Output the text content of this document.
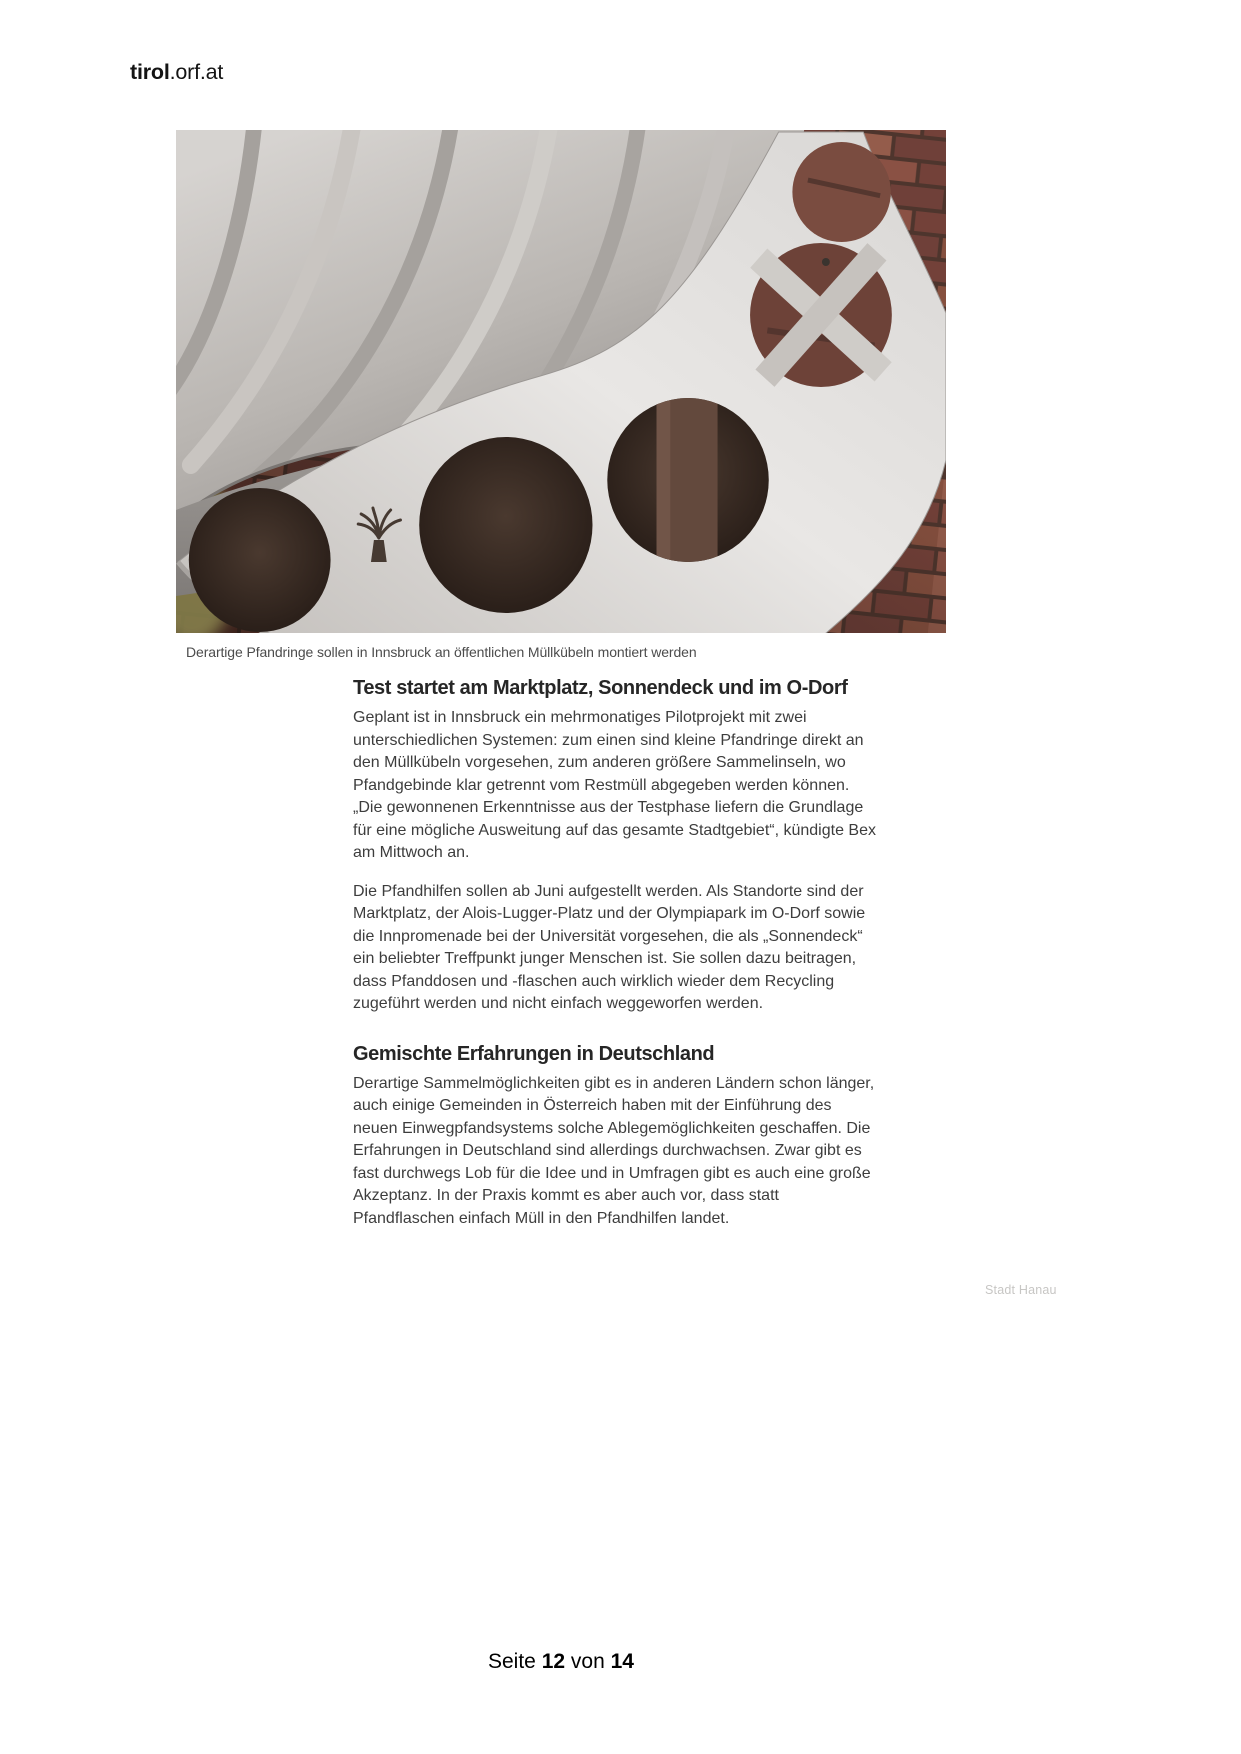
tirol.orf.at
Derartige Pfandringe sollen in Innsbruck an öffentlichen Müllkübeln montiert werden
Test startet am Marktplatz, Sonnendeck und im O-Dorf

Geplant ist in Innsbruck ein mehrmonatiges Pilotprojekt mit zwei unterschiedlichen Systemen: zum einen sind kleine Pfandringe direkt an den Müllkübeln vorgesehen, zum anderen größere Sammelinseln, wo Pfandgebinde klar getrennt vom Restmüll abgegeben werden können. „Die gewonnenen Erkenntnisse aus der Testphase liefern die Grundlage für eine mögliche Ausweitung auf das gesamte Stadtgebiet“, kündigte Bex am Mittwoch an.

Die Pfandhilfen sollen ab Juni aufgestellt werden. Als Standorte sind der Marktplatz, der Alois-Lugger-Platz und der Olympiapark im O-Dorf sowie die Innpromenade bei der Universität vorgesehen, die als „Sonnendeck“ ein beliebter Treffpunkt junger Menschen ist. Sie sollen dazu beitragen, dass Pfanddosen und -flaschen auch wirklich wieder dem Recycling zugeführt werden und nicht einfach weggeworfen werden.

Gemischte Erfahrungen in Deutschland

Derartige Sammelmöglichkeiten gibt es in anderen Ländern schon länger, auch einige Gemeinden in Österreich haben mit der Einführung des neuen Einwegpfandsystems solche Ablegemöglichkeiten geschaffen. Die Erfahrungen in Deutschland sind allerdings durchwachsen. Zwar gibt es fast durchwegs Lob für die Idee und in Umfragen gibt es auch eine große Akzeptanz. In der Praxis kommt es aber auch vor, dass statt Pfandflaschen einfach Müll in den Pfandhilfen landet.

Stadt Hanau
Seite 12 von 14
